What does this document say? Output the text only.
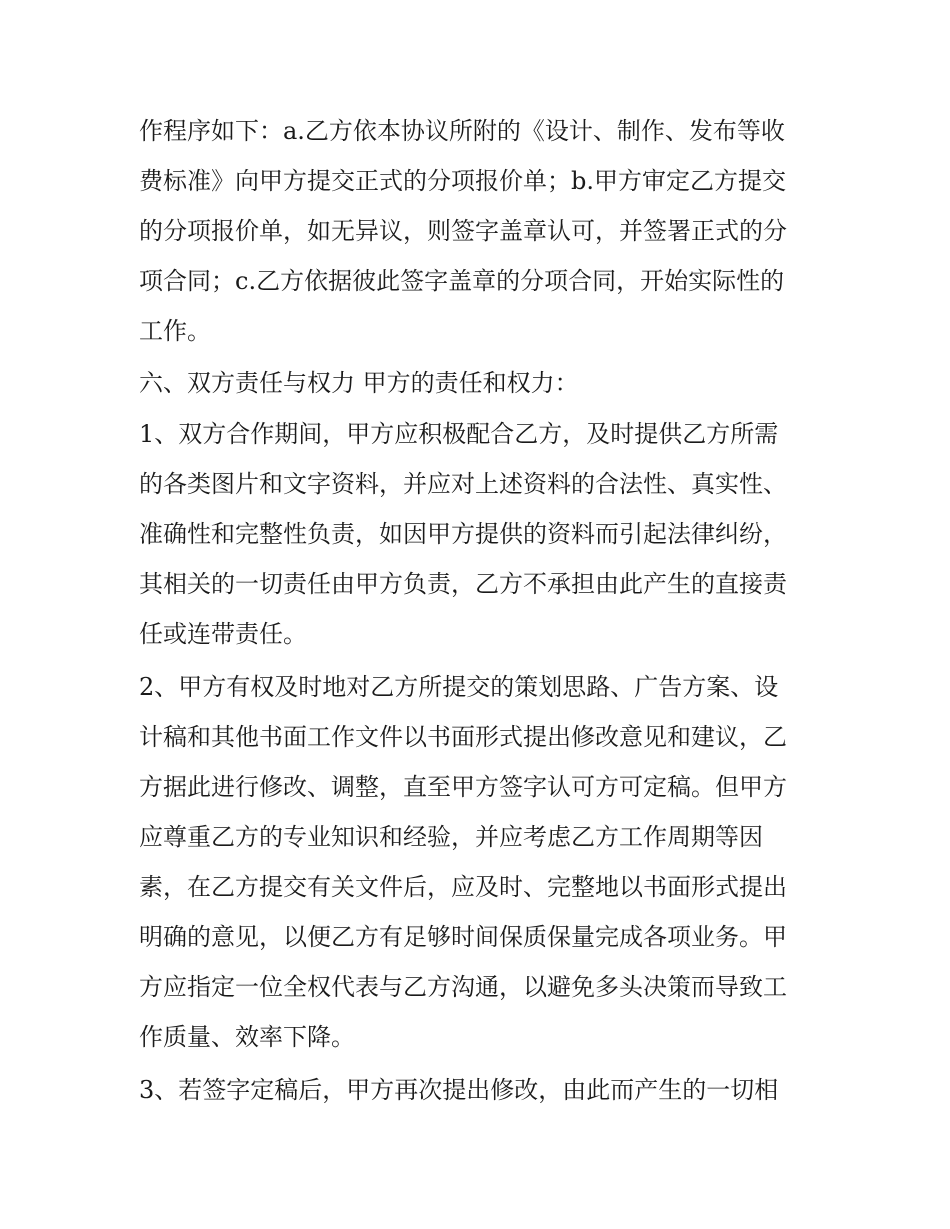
作程序如下：a.乙方依本协议所附的《设计、制作、发布等收
费标准》向甲方提交正式的分项报价单；b.甲方审定乙方提交
的分项报价单，如无异议，则签字盖章认可，并签署正式的分
项合同；c.乙方依据彼此签字盖章的分项合同，开始实际性的
工作。
六、双方责任与权力 甲方的责任和权力：
1、双方合作期间，甲方应积极配合乙方，及时提供乙方所需
的各类图片和文字资料，并应对上述资料的合法性、真实性、
准确性和完整性负责，如因甲方提供的资料而引起法律纠纷，
其相关的一切责任由甲方负责，乙方不承担由此产生的直接责
任或连带责任。
2、甲方有权及时地对乙方所提交的策划思路、广告方案、设
计稿和其他书面工作文件以书面形式提出修改意见和建议，乙
方据此进行修改、调整，直至甲方签字认可方可定稿。但甲方
应尊重乙方的专业知识和经验，并应考虑乙方工作周期等因
素，在乙方提交有关文件后，应及时、完整地以书面形式提出
明确的意见，以便乙方有足够时间保质保量完成各项业务。甲
方应指定一位全权代表与乙方沟通，以避免多头决策而导致工
作质量、效率下降。
3、若签字定稿后，甲方再次提出修改，由此而产生的一切相
